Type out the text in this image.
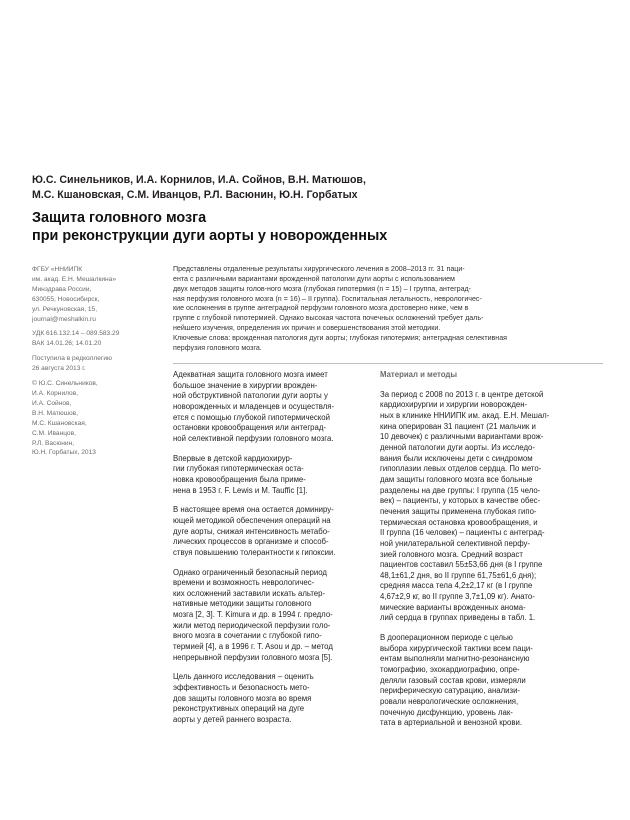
Ю.С. Синельников, И.А. Корнилов, И.А. Сойнов, В.Н. Матюшов,
М.С. Кшановская, С.М. Иванцов, Р.Л. Васюнин, Ю.Н. Горбатых
Защита головного мозга
при реконструкции дуги аорты у новорожденных
ФГБУ «ННИИПК
им. акад. Е.Н. Мешалкина»
Минздрава России,
630055, Новосибирск,
ул. Речкуновская, 15,
journal@meshalkin.ru
УДК 616.132.14 – 089.583.29
ВАК 14.01.26; 14.01.20
Поступила в редколлегию
26 августа 2013 г.
© Ю.С. Синельников,
И.А. Корнилов,
И.А. Сойнов,
В.Н. Матюшов,
М.С. Кшановская,
С.М. Иванцов,
Р.Л. Васюнин,
Ю.Н. Горбатых, 2013
Представлены отдаленные результаты хирургического лечения в 2008–2013 гг. 31 паци-
ента с различными вариантами врожденной патологии дуги аорты с использованием
двух методов защиты голов-ного мозга (глубокая гипотермия (n = 15) – I группа, антеград-
ная перфузия головного мозга (n = 16) – II группа). Госпитальная летальность, неврологичес-
кие осложнения в группе антеградной перфузии головного мозга достоверно ниже, чем в
группе с глубокой гипотермией. Однако высокая частота почечных осложнений требует даль-
нейшего изучения, определения их причин и совершенствования этой методики.
Ключевые слова: врожденная патология дуги аорты; глубокая гипотермия; антеградная селективная
перфузия головного мозга.
Адекватная защита головного мозга имеет
большое значение в хирургии врожден-
ной обструктивной патологии дуги аорты у
новорожденных и младенцев и осуществля-
ется с помощью глубокой гипотермической
остановки кровообращения или антеград-
ной селективной перфузии головного мозга.
Впервые в детской кардиохирур-
гии глубокая гипотермическая оста-
новка кровообращения была приме-
нена в 1953 г. F. Lewis и M. Tauffic [1].
В настоящее время она остается доминиру-
ющей методикой обеспечения операций на
дуге аорты, снижая интенсивность метабо-
лических процессов в организме и способ-
ствуя повышению толерантности к гипоксии.
Однако ограниченный безопасный период
времени и возможность неврологичес-
ких осложнений заставили искать альтер-
нативные методики защиты головного
мозга [2, 3]. T. Kimura и др. в 1994 г. предло-
жили метод периодической перфузии голо-
вного мозга в сочетании с глубокой гипо-
термией [4], а в 1996 г. T. Asou и др. – метод
непрерывной перфузии головного мозга [5].
Цель данного исследования – оценить
эффективность и безопасность мето-
дов защиты головного мозга во время
реконструктивных операций на дуге
аорты у детей раннего возраста.
Материал и методы
За период с 2008 по 2013 г. в центре детской
кардиохирургии и хирургии новорожден-
ных в клинике ННИИПК им. акад. Е.Н. Мешал-
кина оперирован 31 пациент (21 мальчик и
10 девочек) с различными вариантами врож-
денной патологии дуги аорты. Из исследо-
вания были исключены дети с синдромом
гипоплазии левых отделов сердца. По мето-
дам защиты головного мозга все больные
разделены на две группы: I группа (15 чело-
век) – пациенты, у которых в качестве обес-
печения защиты применена глубокая гипо-
термическая остановка кровообращения, и
II группа (16 человек) – пациенты с антеград-
ной унилатеральной селективной перфу-
зией головного мозга. Средний возраст
пациентов составил 55±53,66 дня (в I группе
48,1±61,2 дня, во II группе 61,75±61,6 дня);
средняя масса тела 4,2±2,17 кг (в I группе
4,67±2,9 кг, во II группе 3,7±1,09 кг). Анато-
мические варианты врожденных анома-
лий сердца в группах приведены в табл. 1.
В дооперационном периоде с целью
выбора хирургической тактики всем паци-
ентам выполняли магнитно-резонансную
томографию, эхокардиографию, опре-
деляли газовый состав крови, измеряли
периферическую сатурацию, анализи-
ровали неврологические осложнения,
почечную дисфункцию, уровень лак-
тата в артериальной и венозной крови.
